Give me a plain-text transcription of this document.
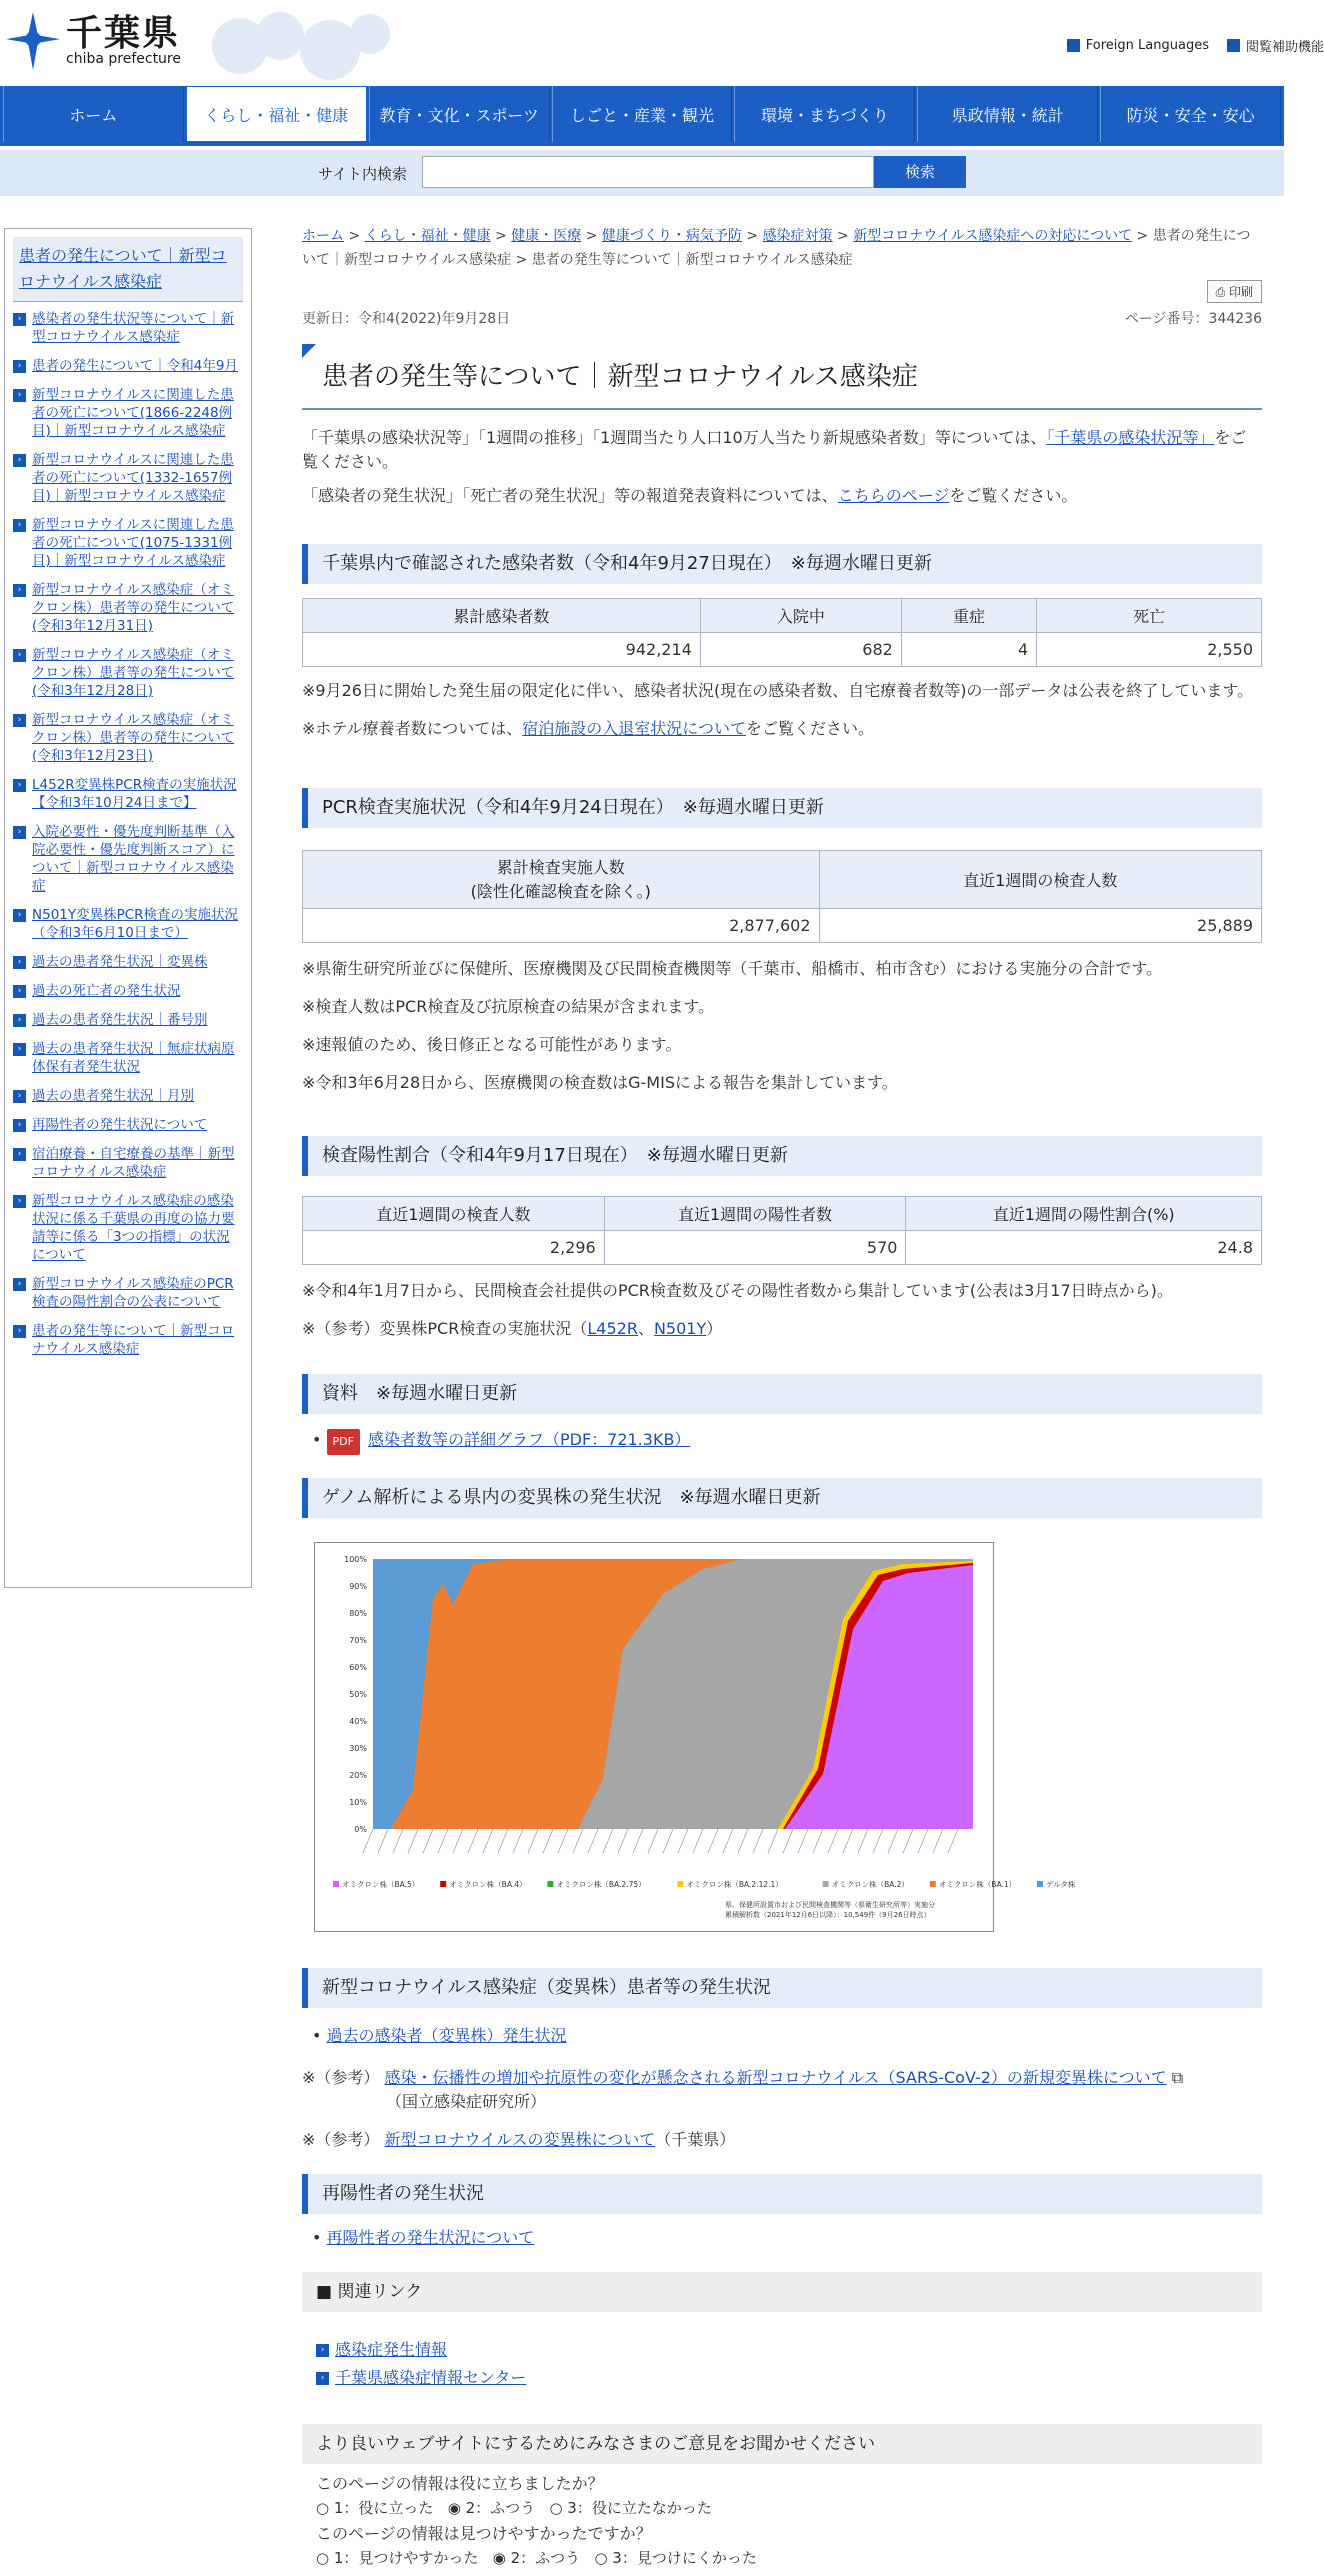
千葉県
chiba prefecture
›	Foreign Languages ›	閲覧補助機能
ホーム	くらし・福祉・健康	教育・文化・スポーツ	しごと・産業・観光	環境・まちづくり	県政情報・統計	防災・安全・安心
サイト内検索	検索
患者の発生について｜新型コロナウイルス感染症
› 感染者の発生状況等について｜新型コロナウイルス感染症
› 患者の発生について｜令和4年9月
› 新型コロナウイルスに関連した患者の死亡について(1866-2248例目)｜新型コロナウイルス感染症
› 新型コロナウイルスに関連した患者の死亡について(1332-1657例目)｜新型コロナウイルス感染症
› 新型コロナウイルスに関連した患者の死亡について(1075-1331例目)｜新型コロナウイルス感染症
› 新型コロナウイルス感染症（オミクロン株）患者等の発生について(令和3年12月31日)
› 新型コロナウイルス感染症（オミクロン株）患者等の発生について(令和3年12月28日)
› 新型コロナウイルス感染症（オミクロン株）患者等の発生について(令和3年12月23日)
› L452R変異株PCR検査の実施状況【令和3年10月24日まで】
› 入院必要性・優先度判断基準（入院必要性・優先度判断スコア）について｜新型コロナウイルス感染症
› N501Y変異株PCR検査の実施状況（令和3年6月10日まで）
› 過去の患者発生状況｜変異株
› 過去の死亡者の発生状況
› 過去の患者発生状況｜番号別
› 過去の患者発生状況｜無症状病原体保有者発生状況
› 過去の患者発生状況｜月別
› 再陽性者の発生状況について
› 宿泊療養・自宅療養の基準｜新型コロナウイルス感染症
› 新型コロナウイルス感染症の感染状況に係る千葉県の再度の協力要請等に係る「3つの指標」の状況について
› 新型コロナウイルス感染症のPCR検査の陽性割合の公表について
› 患者の発生等について｜新型コロナウイルス感染症
ホーム > くらし・福祉・健康 > 健康・医療 > 健康づくり・病気予防 > 感染症対策 > 新型コロナウイルス感染症への対応について > 患者の発生について｜新型コロナウイルス感染症 > 患者の発生等について｜新型コロナウイルス感染症
⎙ 印刷
更新日：令和4(2022)年9月28日	ページ番号：344236
患者の発生等について｜新型コロナウイルス感染症

「千葉県の感染状況等」「1週間の推移」「1週間当たり人口10万人当たり新規感染者数」等については、「千葉県の感染状況等」をご覧ください。

「感染者の発生状況」「死亡者の発生状況」等の報道発表資料については、こちらのページをご覧ください。

千葉県内で確認された感染者数（令和4年9月27日現在）　※毎週水曜日更新
累計感染者数	入院中	重症	死亡
942,214	682	4	2,550

※9月26日に開始した発生届の限定化に伴い、感染者状況(現在の感染者数、自宅療養者数等)の一部データは公表を終了しています。

※ホテル療養者数については、宿泊施設の入退室状況についてをご覧ください。

PCR検査実施状況（令和4年9月24日現在）　※毎週水曜日更新
累計検査実施人数
(陰性化確認検査を除く。)	直近1週間の検査人数
2,877,602	25,889

※県衛生研究所並びに保健所、医療機関及び民間検査機関等（千葉市、船橋市、柏市含む）における実施分の合計です。

※検査人数はPCR検査及び抗原検査の結果が含まれます。

※速報値のため、後日修正となる可能性があります。

※令和3年6月28日から、医療機関の検査数はG-MISによる報告を集計しています。

検査陽性割合（令和4年9月17日現在）　※毎週水曜日更新
直近1週間の検査人数	直近1週間の陽性者数	直近1週間の陽性割合(%)
2,296	570	24.8

※令和4年1月7日から、民間検査会社提供のPCR検査数及びその陽性者数から集計しています(公表は3月17日時点から)。

※（参考）変異株PCR検査の実施状況（L452R、N501Y）

資料　※毎週水曜日更新

• PDF 感染者数等の詳細グラフ（PDF：721.3KB）

ゲノム解析による県内の変異株の発生状況　※毎週水曜日更新
0%
10%
20%
30%
40%
50%
60%
70%
80%
90%
100%
オミクロン株（BA.5）	オミクロン株（BA.4）	オミクロン株（BA.2.75）	オミクロン株（BA.2.12.1）	オミクロン株（BA.2）	オミクロン株（BA.1）	デルタ株
県、保健所設置市および民間検査機関等（県衛生研究所等）実施分
累積解析数（2021年12月6日以降）：10,549件（9月26日時点）
新型コロナウイルス感染症（変異株）患者等の発生状況

• 過去の感染者（変異株）発生状況

※（参考） 感染・伝播性の増加や抗原性の変化が懸念される新型コロナウイルス（SARS-CoV-2）の新規変異株について ⧉
（国立感染症研究所）

※（参考） 新型コロナウイルスの変異株について（千葉県）

再陽性者の発生状況

• 再陽性者の発生状況について

■ 関連リンク

› 感染症発生情報

› 千葉県感染症情報センター

より良いウェブサイトにするためにみなさまのご意見をお聞かせください

このページの情報は役に立ちましたか？

○ 1：役に立った ◉ 2：ふつう ○ 3：役に立たなかった

このページの情報は見つけやすかったですか？

○ 1：見つけやすかった ◉ 2：ふつう ○ 3：見つけにくかった
